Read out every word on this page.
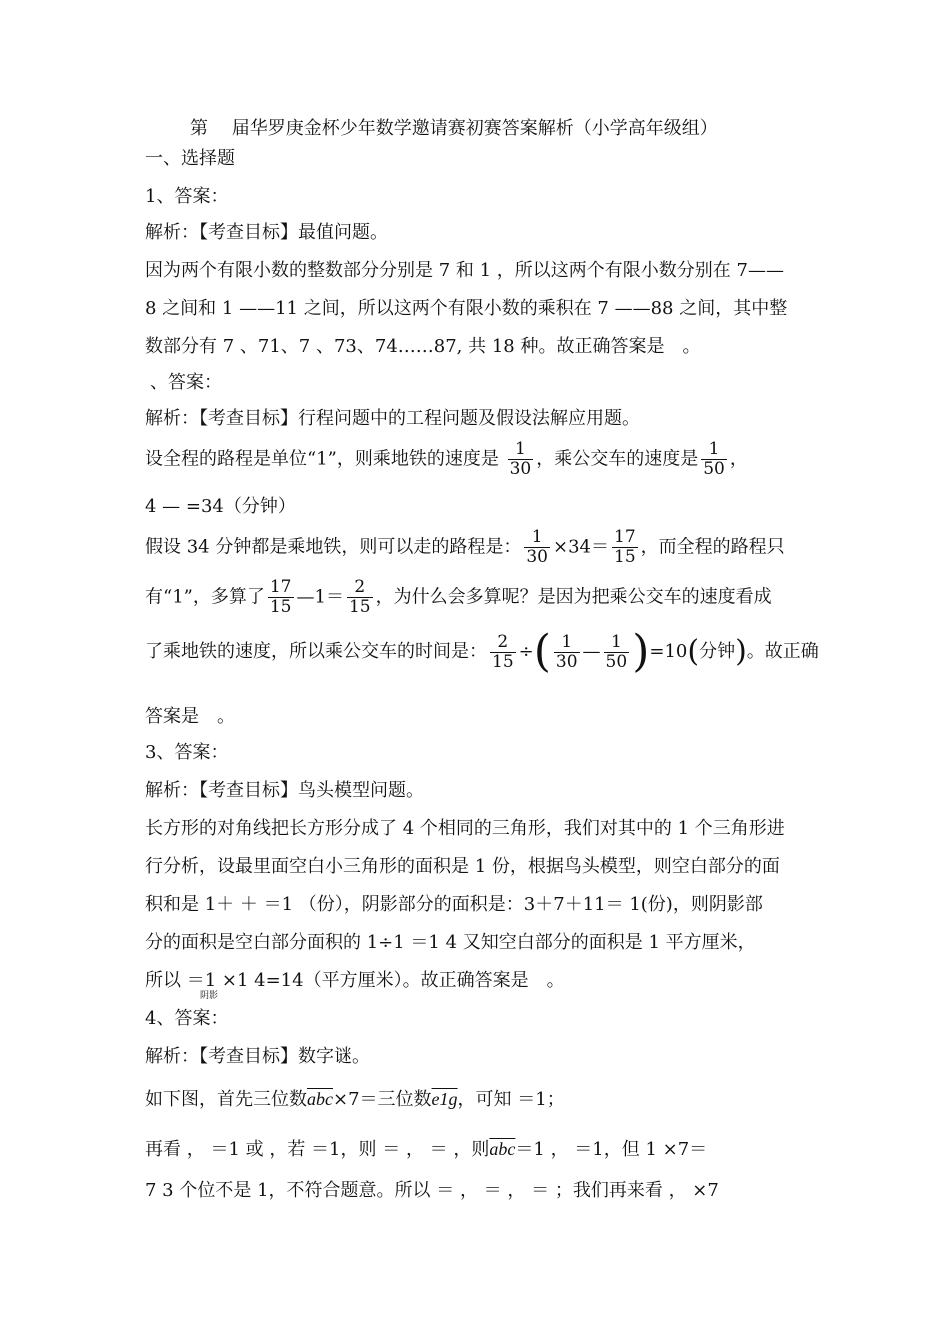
第　 届华罗庚金杯少年数学邀请赛初赛答案解析（小学高年级组）
一、选择题
1、答案：
解析：【考查目标】最值问题。
因为两个有限小数的整数部分分别是 7 和 1 ，所以这两个有限小数分别在 7——
8 之间和 1 ——11 之间，所以这两个有限小数的乘积在 7 ——88 之间，其中整
数部分有 7 、71、7 、73、74……87, 共 18 种。故正确答案是　。
、答案：
解析：【考查目标】行程问题中的工程问题及假设法解应用题。
设全程的路程是单位“1”，则乘地铁的速度是 $\frac{1}{30}$ ，乘公交车的速度是 $\frac{1}{50}$ ，
4 — =34（分钟）
假设 34 分钟都是乘地铁，则可以走的路程是： $\frac{1}{30} \times 34= \frac{17}{15}$ ，而全程的路程只
有“1”，多算了 $\frac{17}{15}$ —1＝ $\frac{2}{15}$ ，为什么会多算呢？是因为把乘公交车的速度看成
了乘地铁的速度，所以乘公交车的时间是： $\frac{2}{15}$ ÷( $\frac{1}{30}$ — $\frac{1}{50} )=10$(分钟)。故正确
答案是　。
3、答案：
解析：【考查目标】鸟头模型问题。
长方形的对角线把长方形分成了 4 个相同的三角形，我们对其中的 1 个三角形进
行分析，设最里面空白小三角形的面积是 1 份，根据鸟头模型，则空白部分的面
积和是 1＋ ＋ ＝1 （份），阴影部分的面积是：3＋7＋11＝ 1(份)，则阴影部
分的面积是空白部分面积的 1÷1 ＝1 4 又知空白部分的面积是 1 平方厘米，
所以 ＝1 ×1 4=14（平方厘米）。故正确答案是　。
阴影
4、答案：
解析：【考查目标】数字谜。
如下图，首先三位数$\overline{abc}\times 7=$三位数e1g，可知 ＝1；
再看 ， ＝1 或 ，若 ＝1，则 ＝ ， ＝ ，则$\overline{abc}=1$ ， ＝1，但 1 ×7＝
7 3 个位不是 1，不符合题意。所以 ＝ ， ＝ ， ＝ ；我们再来看 ， ×7
